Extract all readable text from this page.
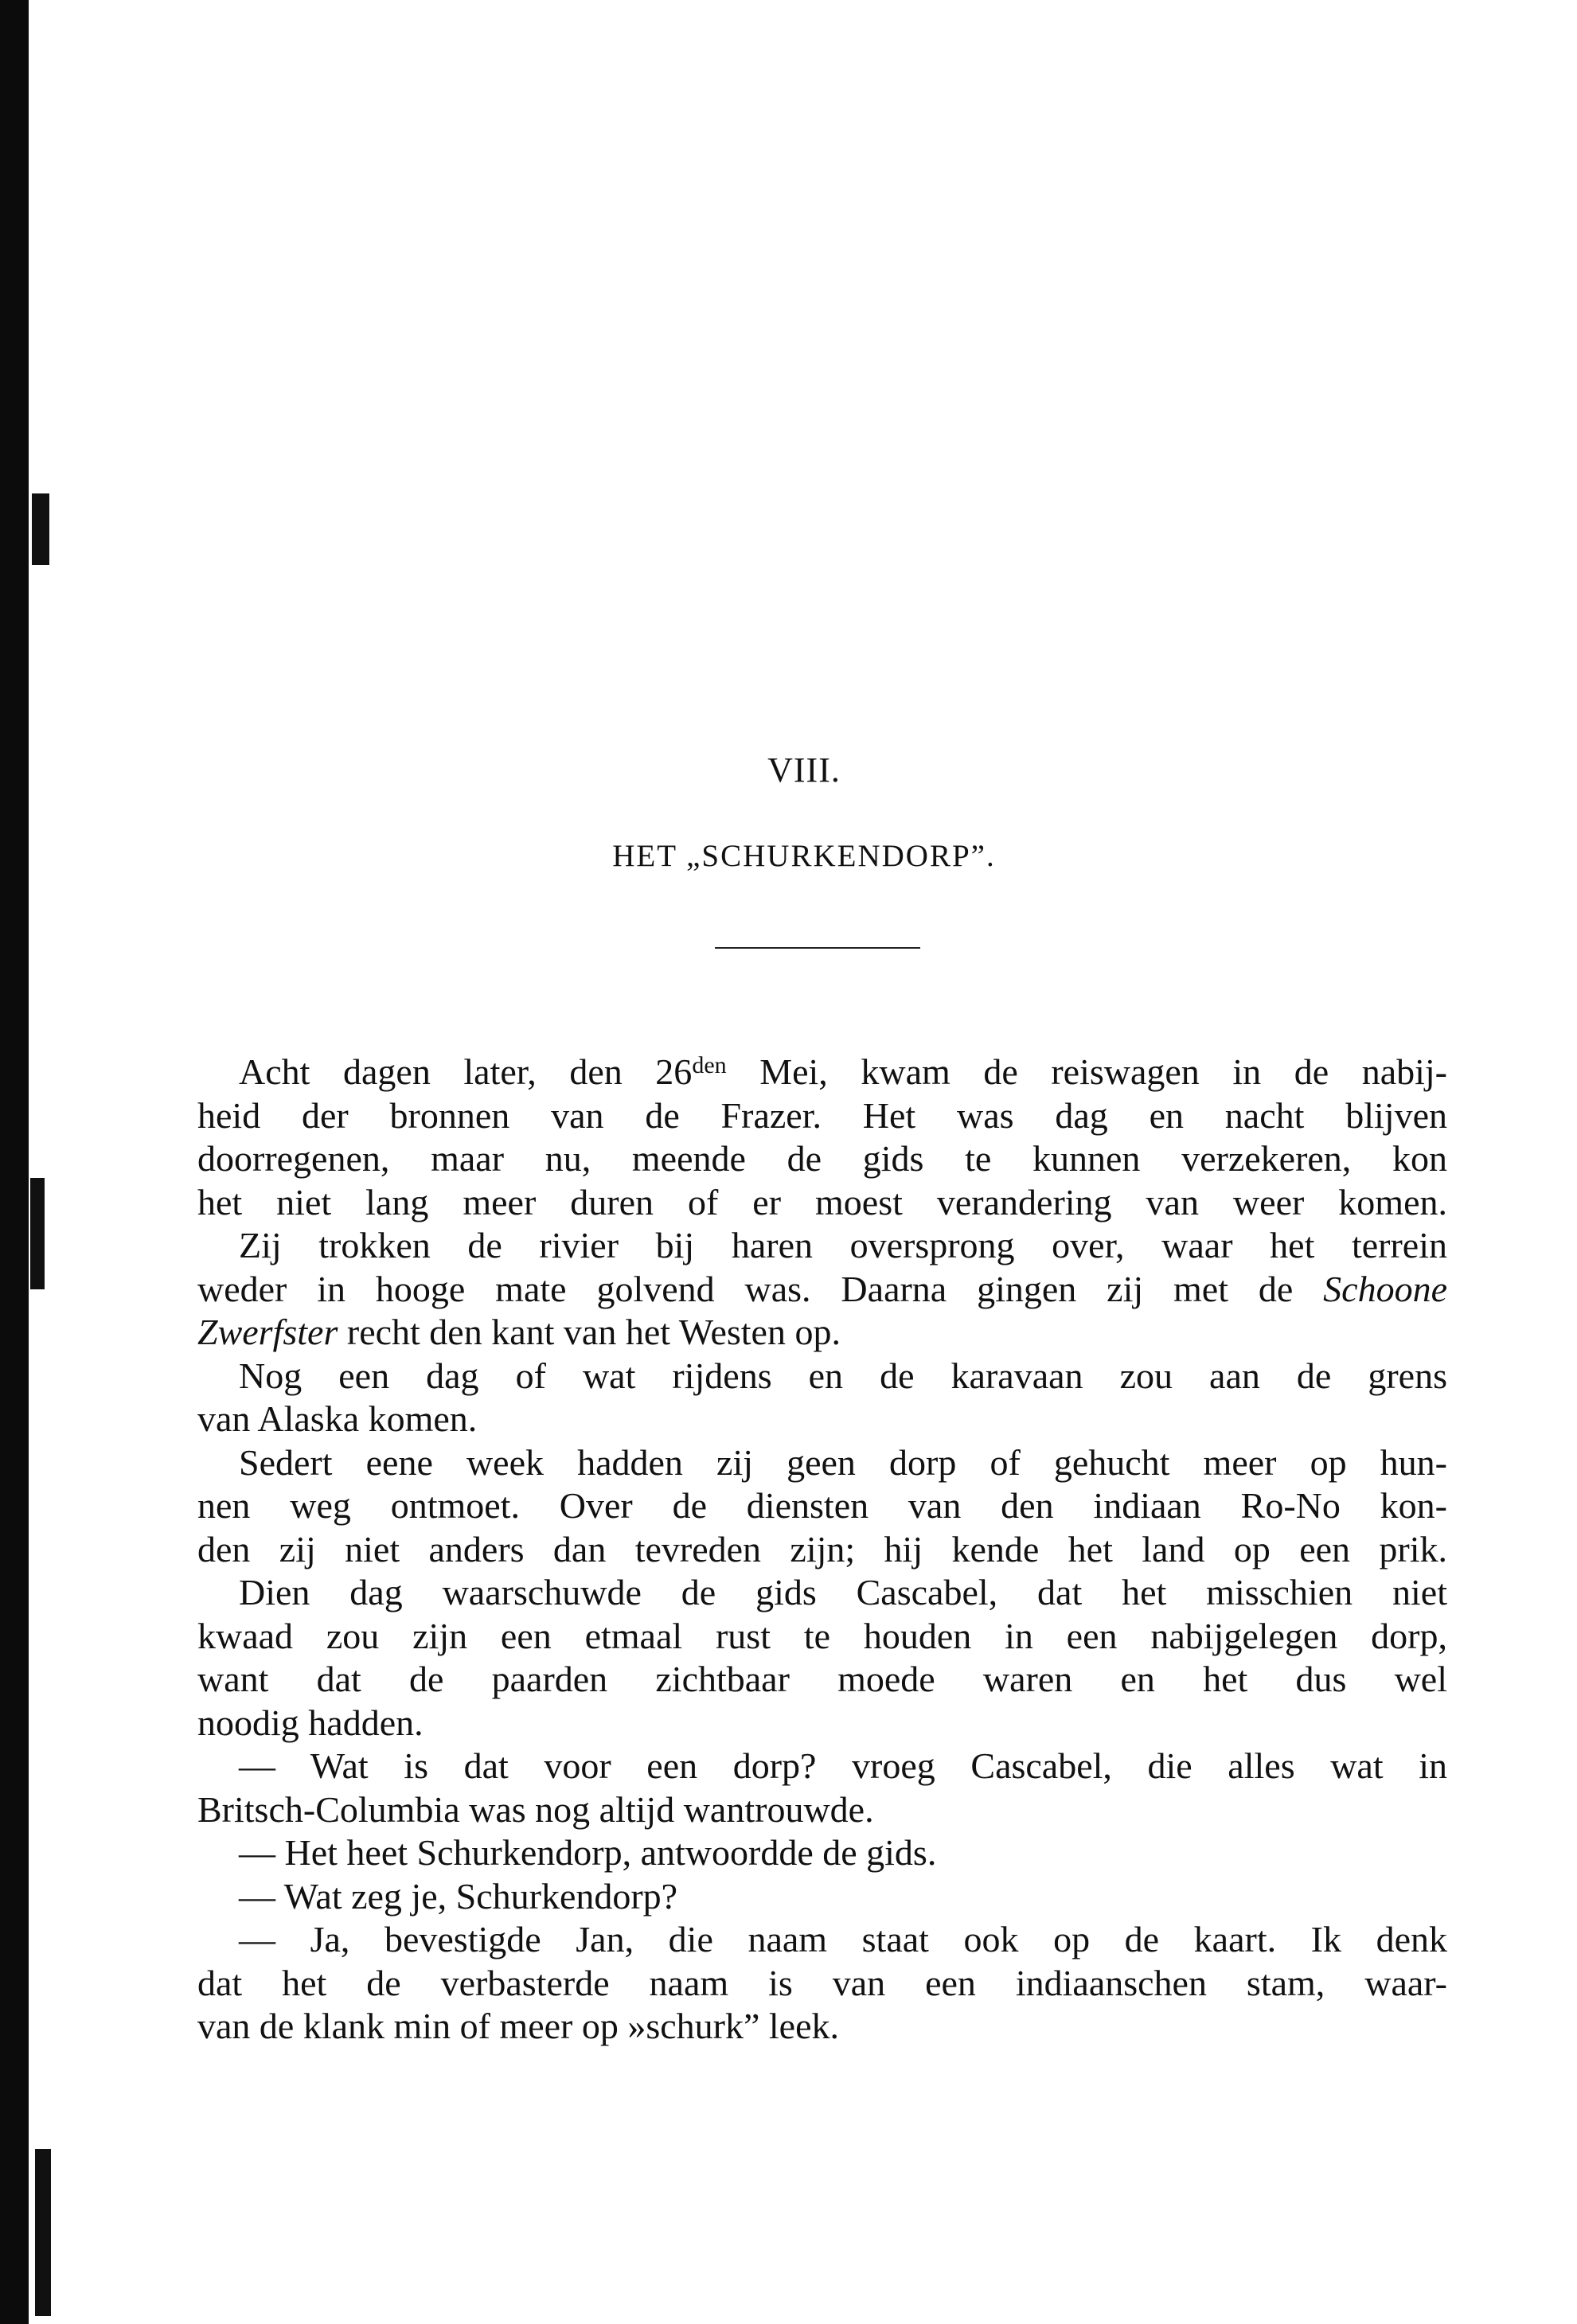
VIII.
HET „SCHURKENDORP”.
Acht dagen later, den $26^{den}$ Mei, kwam de reiswagen in de nabij-
heid der bronnen van de Frazer. Het was dag en nacht blijven
doorregenen, maar nu, meende de gids te kunnen verzekeren, kon
het niet lang meer duren of er moest verandering van weer komen.
Zij trokken de rivier bij haren oversprong over, waar het terrein
weder in hooge mate golvend was. Daarna gingen zij met de Schoone
Zwerfster recht den kant van het Westen op.
Nog een dag of wat rijdens en de karavaan zou aan de grens
van Alaska komen.
Sedert eene week hadden zij geen dorp of gehucht meer op hun-
nen weg ontmoet. Over de diensten van den indiaan Ro-No kon-
den zij niet anders dan tevreden zijn; hij kende het land op een prik.
Dien dag waarschuwde de gids Cascabel, dat het misschien niet
kwaad zou zijn een etmaal rust te houden in een nabijgelegen dorp,
want dat de paarden zichtbaar moede waren en het dus wel
noodig hadden.
— Wat is dat voor een dorp? vroeg Cascabel, die alles wat in
Britsch-Columbia was nog altijd wantrouwde.
— Het heet Schurkendorp, antwoordde de gids.
— Wat zeg je, Schurkendorp?
— Ja, bevestigde Jan, die naam staat ook op de kaart. Ik denk
dat het de verbasterde naam is van een indiaanschen stam, waar-
van de klank min of meer op »schurk” leek.
